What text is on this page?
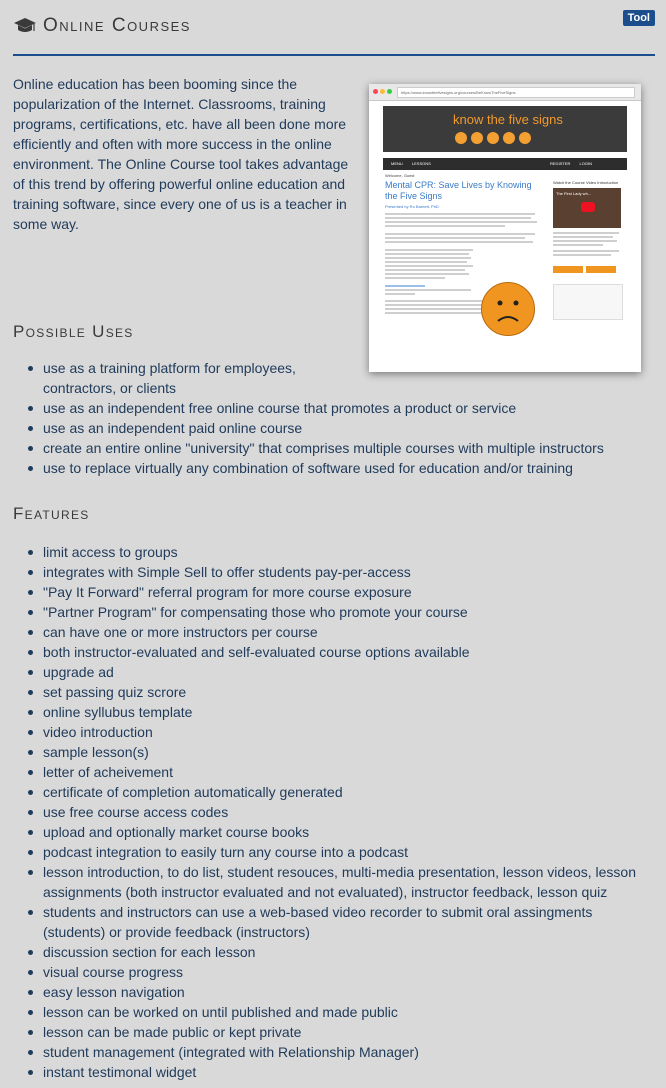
Online Courses	Tool
Online education has been booming since the popularization of the Internet. Classrooms, training programs, certifications, etc. have all been done more efficiently and often with more success in the online environment. The Online Course tool takes advantage of this trend by offering powerful online education and training software, since every one of us is a teacher in some way.
https://www.knowthefivesigns.org/courses/BeKnowTheFiveSigns
know the five signs
MENU LESSONS	REGISTER LOGIN
Welcome, Guest
Mental CPR: Save Lives by Knowing the Five Signs
Presented by Ro Barnett, PhD
Watch the Course Video Introduction
The First Lady wh...
Possible Uses
use as a training platform for employees, contractors, or clients
use as an independent free online course that promotes a product or service
use as an independent paid online course
create an entire online "university" that comprises multiple courses with multiple instructors
use to replace virtually any combination of software used for education and/or training
Features
limit access to groups
integrates with Simple Sell to offer students pay-per-access
"Pay It Forward" referral program for more course exposure
"Partner Program" for compensating those who promote your course
can have one or more instructors per course
both instructor-evaluated and self-evaluated course options available
upgrade ad
set passing quiz scrore
online syllubus template
video introduction
sample lesson(s)
letter of acheivement
certificate of completion automatically generated
use free course access codes
upload and optionally market course books
podcast integration to easily turn any course into a podcast
lesson introduction, to do list, student resouces, multi-media presentation, lesson videos, lesson assignments (both instructor evaluated and not evaluated), instructor feedback, lesson quiz
students and instructors can use a web-based video recorder to submit oral assingments (students) or provide feedback (instructors)
discussion section for each lesson
visual course progress
easy lesson navigation
lesson can be worked on until published and made public
lesson can be made public or kept private
student management (integrated with Relationship Manager)
instant testimonal widget
